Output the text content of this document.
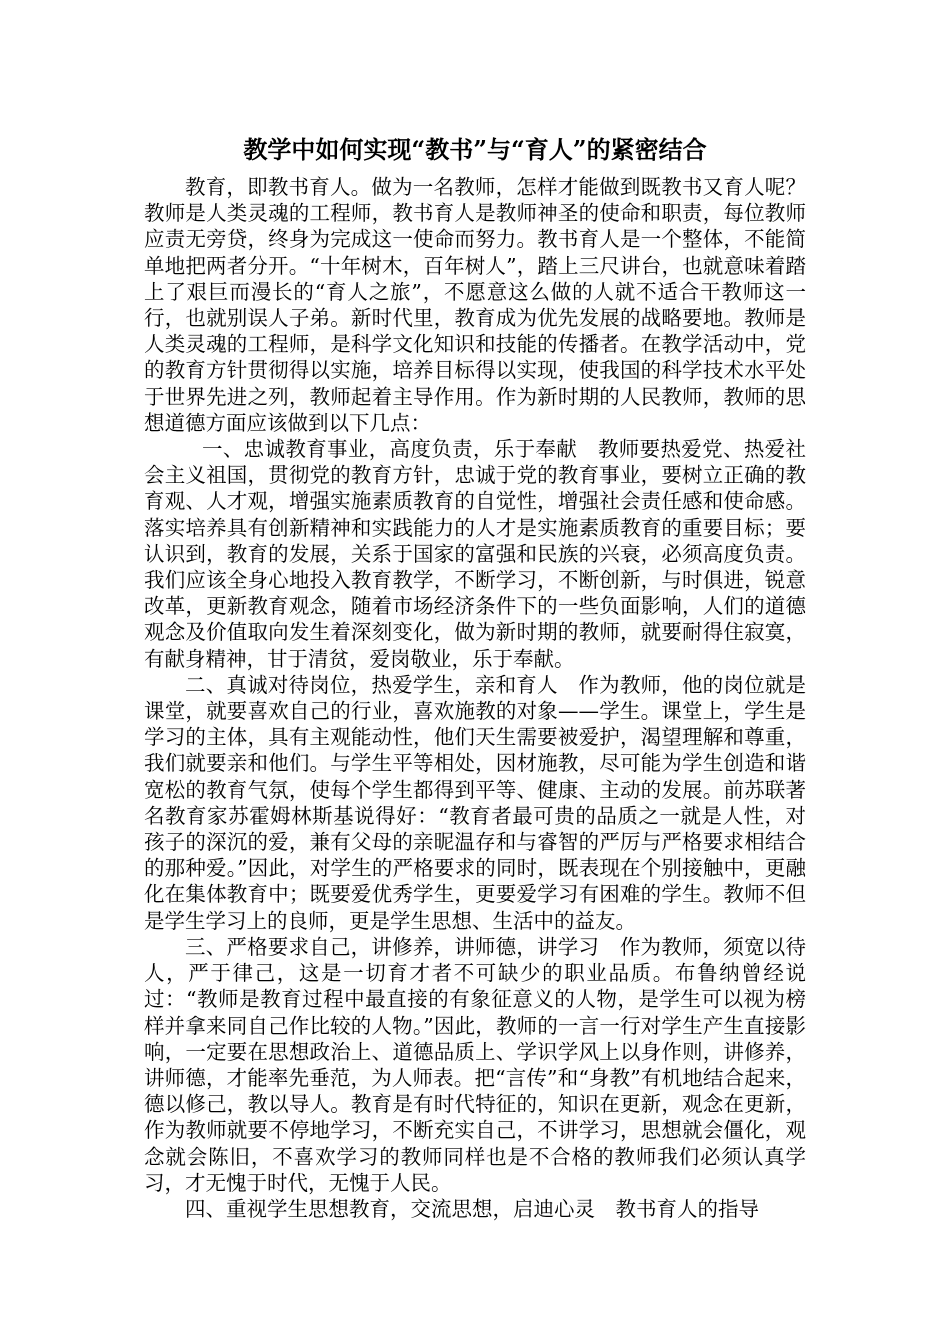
教学中如何实现“教书”与“育人”的紧密结合

教育，即教书育人。做为一名教师，怎样才能做到既教书又育人呢？教师是人类灵魂的工程师，教书育人是教师神圣的使命和职责，每位教师应责无旁贷，终身为完成这一使命而努力。教书育人是一个整体，不能简单地把两者分开。“十年树木，百年树人”，踏上三尺讲台，也就意味着踏上了艰巨而漫长的“育人之旅”，不愿意这么做的人就不适合干教师这一行，也就别误人子弟。新时代里，教育成为优先发展的战略要地。教师是人类灵魂的工程师，是科学文化知识和技能的传播者。在教学活动中，党的教育方针贯彻得以实施，培养目标得以实现，使我国的科学技术水平处于世界先进之列，教师起着主导作用。作为新时期的人民教师，教师的思想道德方面应该做到以下几点：

一、忠诚教育事业，高度负责，乐于奉献　教师要热爱党、热爱社会主义祖国，贯彻党的教育方针，忠诚于党的教育事业，要树立正确的教育观、人才观，增强实施素质教育的自觉性，增强社会责任感和使命感。落实培养具有创新精神和实践能力的人才是实施素质教育的重要目标；要认识到，教育的发展，关系于国家的富强和民族的兴衰，必须高度负责。我们应该全身心地投入教育教学，不断学习，不断创新，与时俱进，锐意改革，更新教育观念，随着市场经济条件下的一些负面影响，人们的道德观念及价值取向发生着深刻变化，做为新时期的教师，就要耐得住寂寞，有献身精神，甘于清贫，爱岗敬业，乐于奉献。

二、真诚对待岗位，热爱学生，亲和育人　作为教师，他的岗位就是课堂，就要喜欢自己的行业，喜欢施教的对象——学生。课堂上，学生是学习的主体，具有主观能动性，他们天生需要被爱护，渴望理解和尊重，我们就要亲和他们。与学生平等相处，因材施教，尽可能为学生创造和谐宽松的教育气氛，使每个学生都得到平等、健康、主动的发展。前苏联著名教育家苏霍姆林斯基说得好：“教育者最可贵的品质之一就是人性，对孩子的深沉的爱，兼有父母的亲昵温存和与睿智的严厉与严格要求相结合的那种爱。”因此，对学生的严格要求的同时，既表现在个别接触中，更融化在集体教育中；既要爱优秀学生，更要爱学习有困难的学生。教师不但是学生学习上的良师，更是学生思想、生活中的益友。

三、严格要求自己，讲修养，讲师德，讲学习　作为教师，须宽以待人，严于律己，这是一切育才者不可缺少的职业品质。布鲁纳曾经说过：“教师是教育过程中最直接的有象征意义的人物，是学生可以视为榜样并拿来同自己作比较的人物。”因此，教师的一言一行对学生产生直接影响，一定要在思想政治上、道德品质上、学识学风上以身作则，讲修养，讲师德，才能率先垂范，为人师表。把“言传”和“身教”有机地结合起来，德以修己，教以导人。教育是有时代特征的，知识在更新，观念在更新，作为教师就要不停地学习，不断充实自己，不讲学习，思想就会僵化，观念就会陈旧，不喜欢学习的教师同样也是不合格的教师我们必须认真学习，才无愧于时代，无愧于人民。

四、重视学生思想教育，交流思想，启迪心灵　教书育人的指导
